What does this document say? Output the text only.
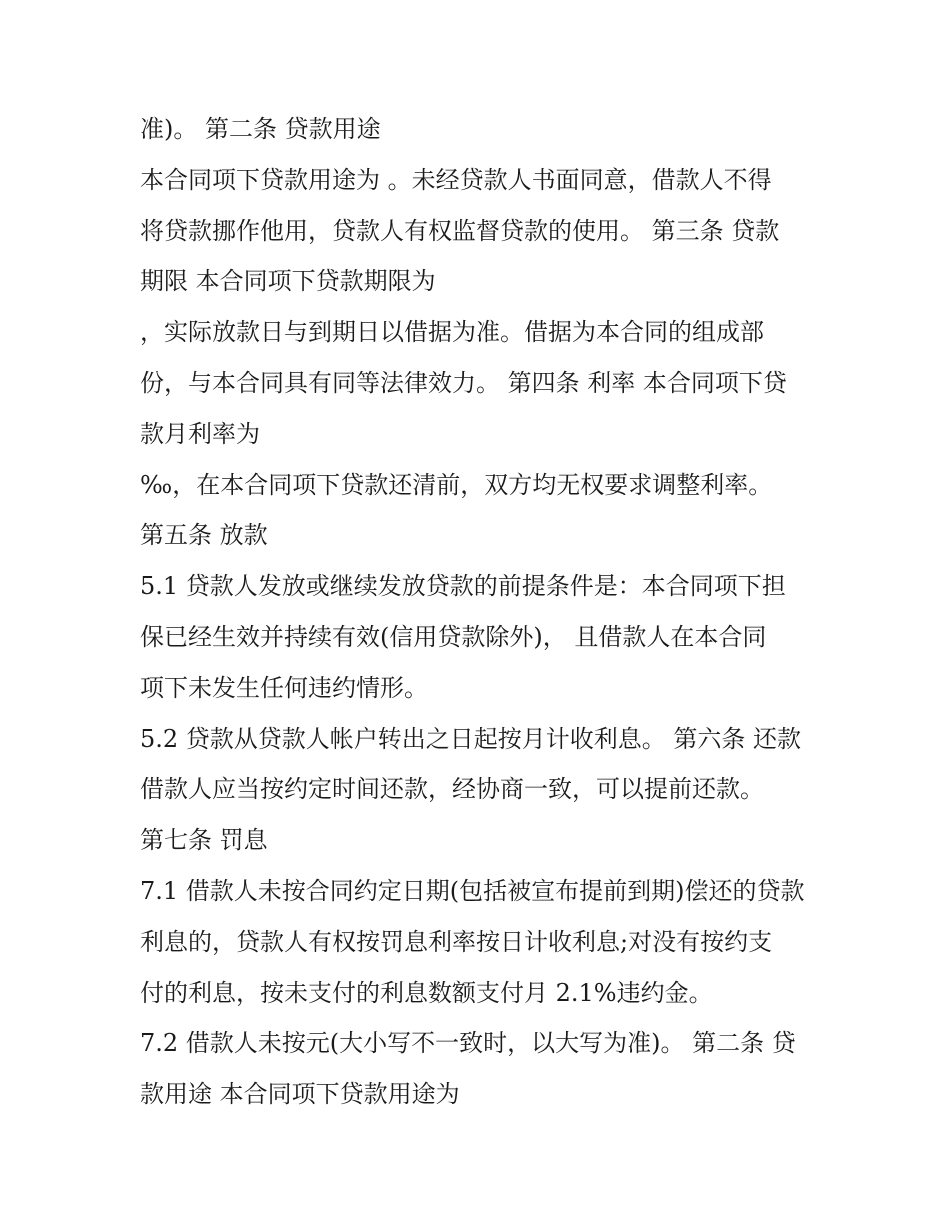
准)。 第二条 贷款用途
本合同项下贷款用途为 。未经贷款人书面同意，借款人不得
将贷款挪作他用，贷款人有权监督贷款的使用。 第三条 贷款
期限 本合同项下贷款期限为
，实际放款日与到期日以借据为准。借据为本合同的组成部
份，与本合同具有同等法律效力。 第四条 利率 本合同项下贷
款月利率为
‰，在本合同项下贷款还清前，双方均无权要求调整利率。
第五条 放款
5.1 贷款人发放或继续发放贷款的前提条件是：本合同项下担
保已经生效并持续有效(信用贷款除外)， 且借款人在本合同
项下未发生任何违约情形。
5.2 贷款从贷款人帐户转出之日起按月计收利息。 第六条 还款
借款人应当按约定时间还款，经协商一致，可以提前还款。
第七条 罚息
7.1 借款人未按合同约定日期(包括被宣布提前到期)偿还的贷款
利息的，贷款人有权按罚息利率按日计收利息;对没有按约支
付的利息，按未支付的利息数额支付月 2.1%违约金。
7.2 借款人未按元(大小写不一致时，以大写为准)。 第二条 贷
款用途 本合同项下贷款用途为
